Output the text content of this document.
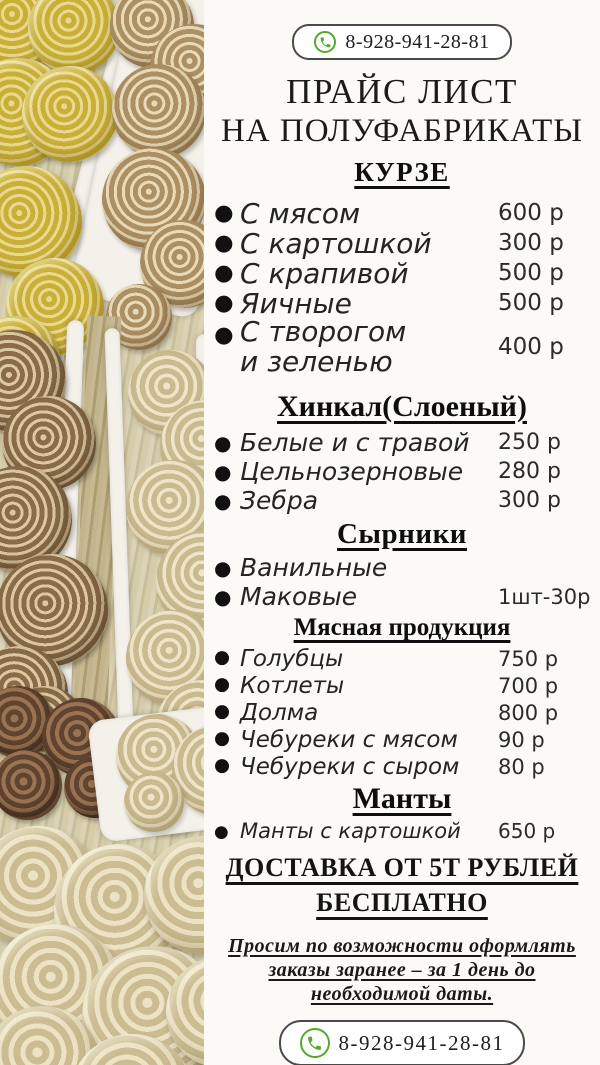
8-928-941-28-81
ПРАЙС ЛИСТ
НА ПОЛУФАБРИКАТЫ
КУРЗЕ
● С мясом	600 р
● С картошкой	300 р
● С крапивой	500 р
● Яичные	500 р
● С творогом
и зеленью	400 р
Хинкал(Слоеный)
● Белые и с травой	250 р
● Цельнозерновые	280 р
● Зебра	300 р
Сырники
● Ванильные
● Маковые	1шт-30р
Мясная продукция
● Голубцы	750 р
● Котлеты	700 р
● Долма	800 р
● Чебуреки с мясом	90 р
● Чебуреки с сыром	80 р
Манты
● Манты с картошкой	650 р
ДОСТАВКА ОТ 5Т РУБЛЕЙ
БЕСПЛАТНО
Просим по возможности оформлять
заказы заранее – за 1 день до
необходимой даты.
8-928-941-28-81
